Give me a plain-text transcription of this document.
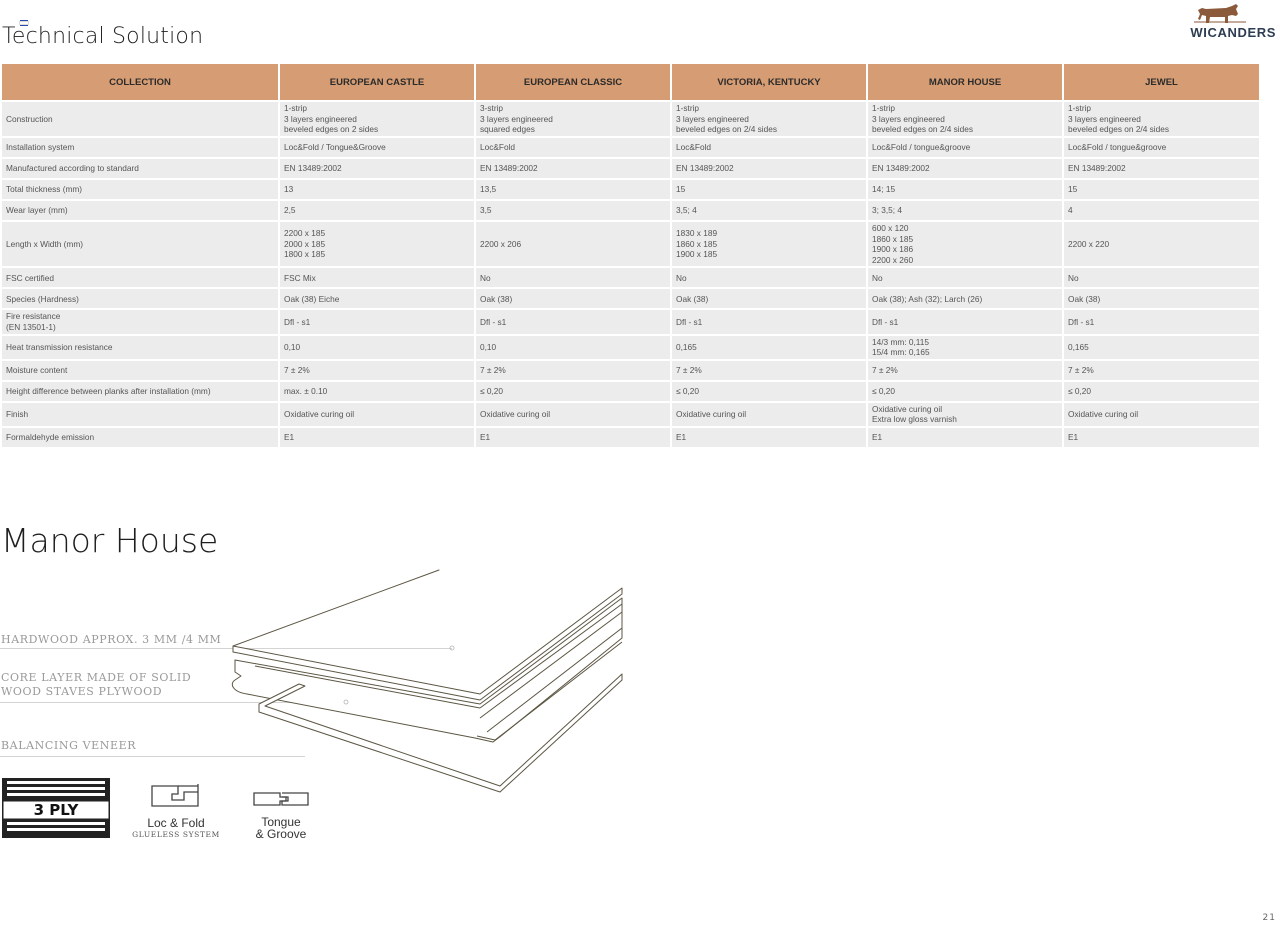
Technical Solution	WICANDERS
COLLECTION	EUROPEAN CASTLE	EUROPEAN CLASSIC	VICTORIA, KENTUCKY	MANOR HOUSE	JEWEL

Construction	1-strip
3 layers engineered
beveled edges on 2 sides	3-strip
3 layers engineered
squared edges	1-strip
3 layers engineered
beveled edges on 2/4 sides	1-strip
3 layers engineered
beveled edges on 2/4 sides	1-strip
3 layers engineered
beveled edges on 2/4 sides

Installation system	Loc&Fold / Tongue&Groove	Loc&Fold	Loc&Fold	Loc&Fold / tongue&groove	Loc&Fold / tongue&groove

Manufactured according to standard	EN 13489:2002	EN 13489:2002	EN 13489:2002	EN 13489:2002	EN 13489:2002

Total thickness (mm)	13	13,5	15	14; 15	15

Wear layer (mm)	2,5	3,5	3,5; 4	3; 3,5; 4	4

Length x Width (mm)	2200 x 185
2000 x 185
1800 x 185	2200 x 206	1830 x 189
1860 x 185
1900 x 185	600 x 120
1860 x 185
1900 x 186
2200 x 260	2200 x 220

FSC certified	FSC Mix	No	No	No	No

Species (Hardness)	Oak (38) Eiche	Oak (38)	Oak (38)	Oak (38); Ash (32); Larch (26)	Oak (38)

Fire resistance
(EN 13501-1)	Dfl - s1	Dfl - s1	Dfl - s1	Dfl - s1	Dfl - s1

Heat transmission resistance	0,10	0,10	0,165	14/3 mm: 0,115
15/4 mm: 0,165	0,165

Moisture content	7 ± 2%	7 ± 2%	7 ± 2%	7 ± 2%	7 ± 2%

Height difference between planks after installation (mm)	max. ± 0.10	≤ 0,20	≤ 0,20	≤ 0,20	≤ 0,20

Finish	Oxidative curing oil	Oxidative curing oil	Oxidative curing oil	Oxidative curing oil
Extra low gloss varnish	Oxidative curing oil

Formaldehyde emission	E1	E1	E1	E1	E1
Manor House
HARDWOOD APPROX. 3 MM /4 MM
CORE LAYER MADE OF SOLID
WOOD STAVES PLYWOOD
BALANCING VENEER
3 PLY
Loc & Fold
GLUELESS SYSTEM
Tongue
& Groove
21
